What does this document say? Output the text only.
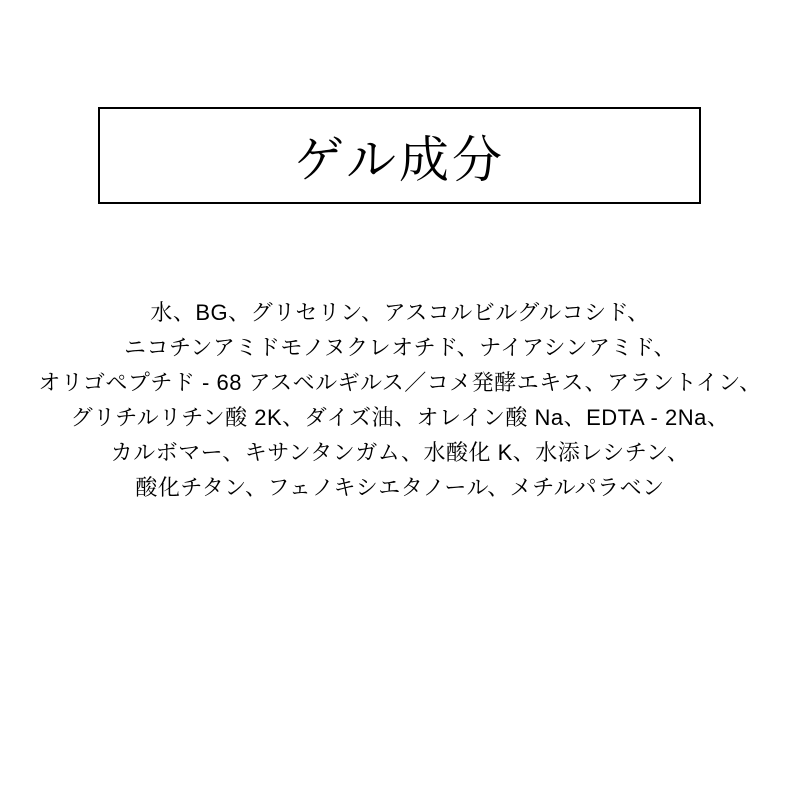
ゲル成分
水、BG、グリセリン、アスコルビルグルコシド、
ニコチンアミドモノヌクレオチド、ナイアシンアミド、
オリゴペプチド - 68 アスベルギルス／コメ発酵エキス、アラントイン、
グリチルリチン酸 2K、ダイズ油、オレイン酸 Na、EDTA - 2Na、
カルボマー、キサンタンガム、水酸化 K、水添レシチン、
酸化チタン、フェノキシエタノール、メチルパラベン
